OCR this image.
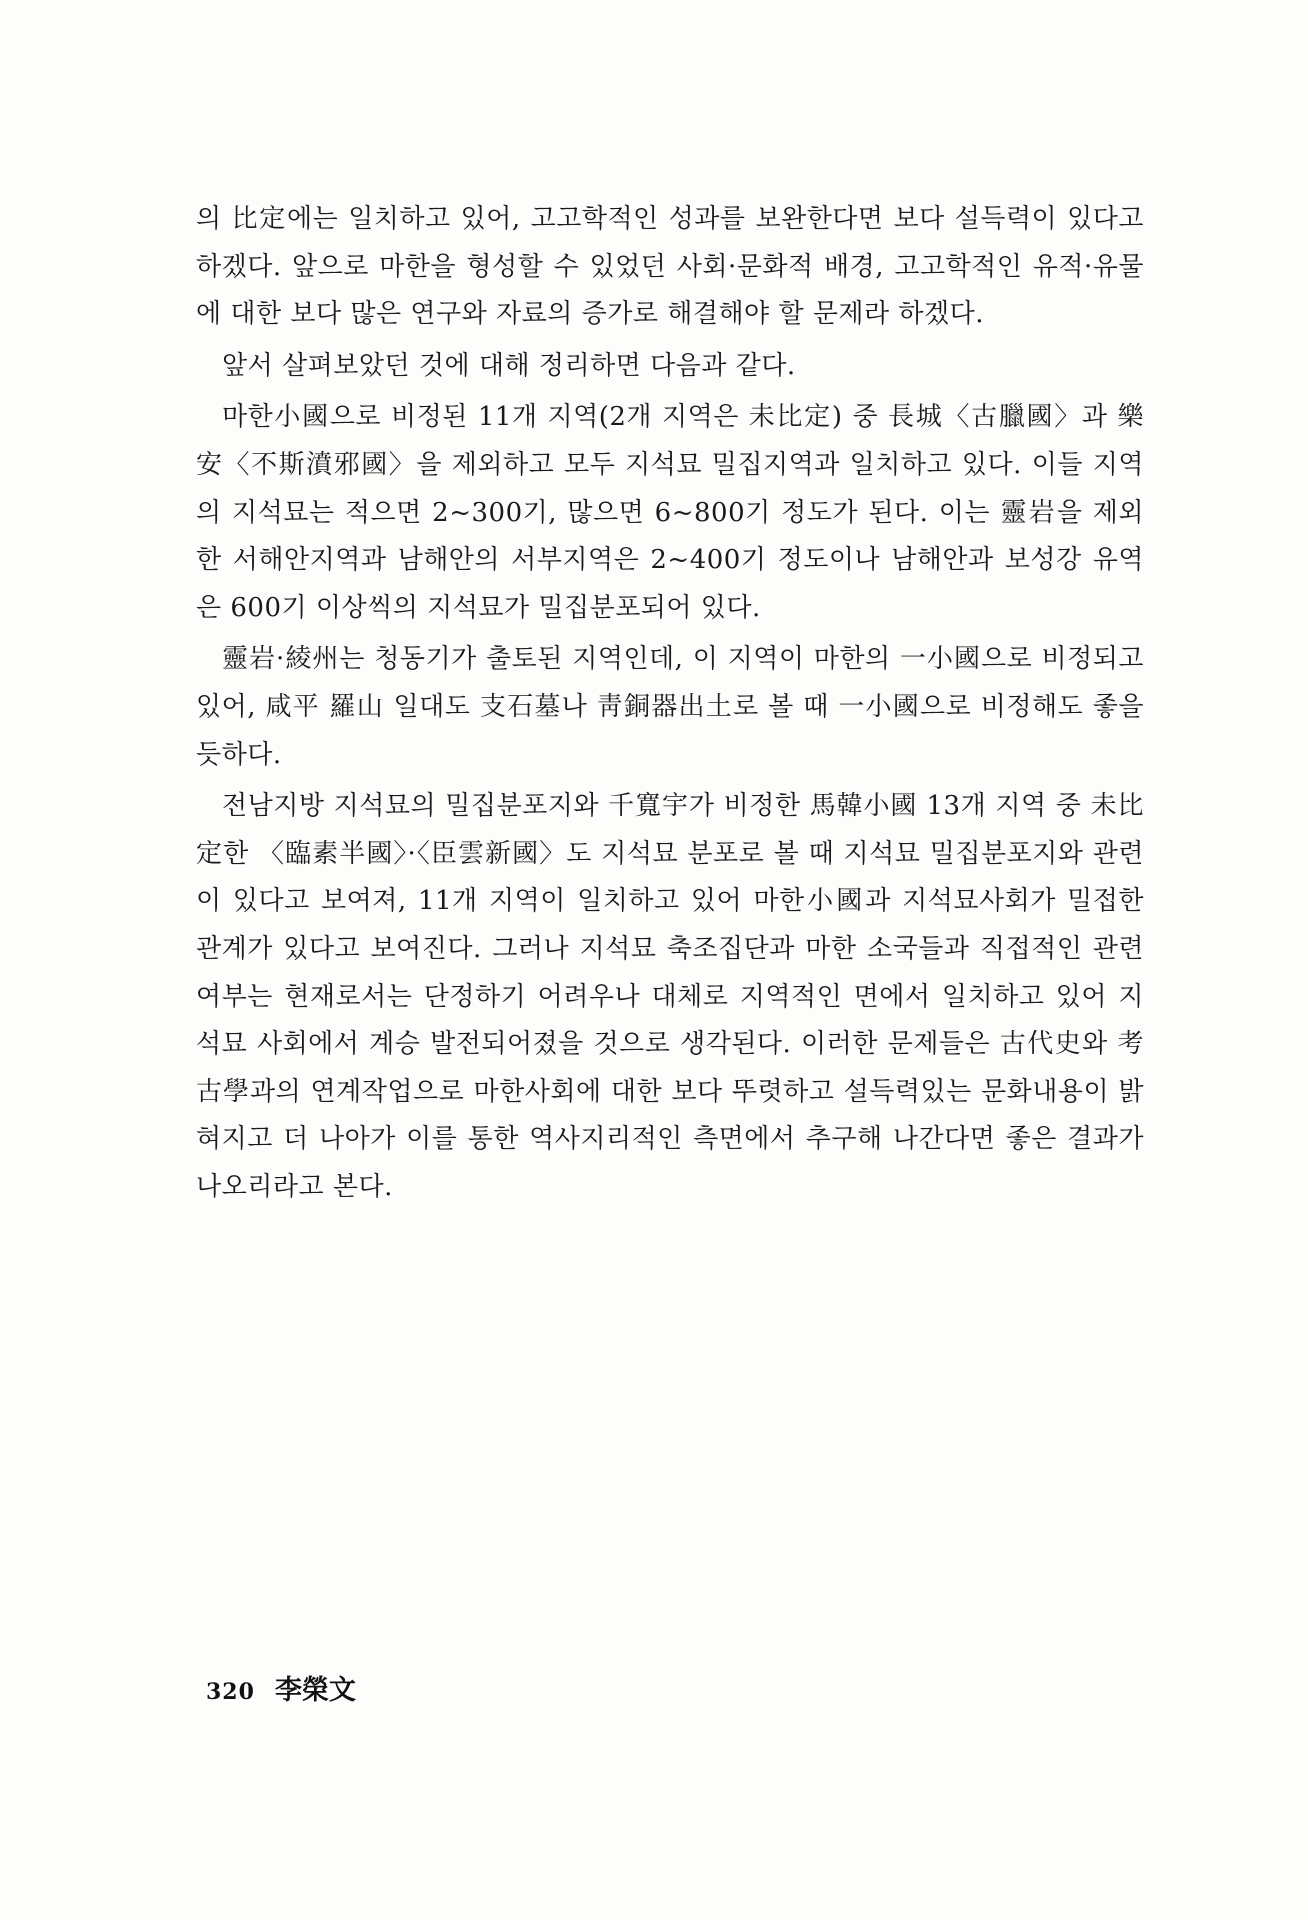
의 比定에는 일치하고 있어, 고고학적인 성과를 보완한다면 보다 설득력이 있다고 하겠다. 앞으로 마한을 형성할 수 있었던 사회·문화적 배경, 고고학적인 유적·유물에 대한 보다 많은 연구와 자료의 증가로 해결해야 할 문제라 하겠다.

앞서 살펴보았던 것에 대해 정리하면 다음과 같다.

마한小國으로 비정된 11개 지역(2개 지역은 未比定) 중 長城〈古臘國〉과 樂安〈不斯濆邪國〉을 제외하고 모두 지석묘 밀집지역과 일치하고 있다. 이들 지역의 지석묘는 적으면 2~300기, 많으면 6~800기 정도가 된다. 이는 靈岩을 제외한 서해안지역과 남해안의 서부지역은 2~400기 정도이나 남해안과 보성강 유역은 600기 이상씩의 지석묘가 밀집분포되어 있다.

靈岩·綾州는 청동기가 출토된 지역인데, 이 지역이 마한의 一小國으로 비정되고 있어, 咸平 羅山 일대도 支石墓나 靑銅器出土로 볼 때 一小國으로 비정해도 좋을 듯하다.

전남지방 지석묘의 밀집분포지와 千寬宇가 비정한 馬韓小國 13개 지역 중 未比定한 〈臨素半國〉·〈臣雲新國〉도 지석묘 분포로 볼 때 지석묘 밀집분포지와 관련이 있다고 보여져, 11개 지역이 일치하고 있어 마한小國과 지석묘사회가 밀접한 관계가 있다고 보여진다. 그러나 지석묘 축조집단과 마한 소국들과 직접적인 관련 여부는 현재로서는 단정하기 어려우나 대체로 지역적인 면에서 일치하고 있어 지석묘 사회에서 계승 발전되어졌을 것으로 생각된다. 이러한 문제들은 古代史와 考古學과의 연계작업으로 마한사회에 대한 보다 뚜렷하고 설득력있는 문화내용이 밝혀지고 더 나아가 이를 통한 역사지리적인 측면에서 추구해 나간다면 좋은 결과가 나오리라고 본다.

320 李榮文
